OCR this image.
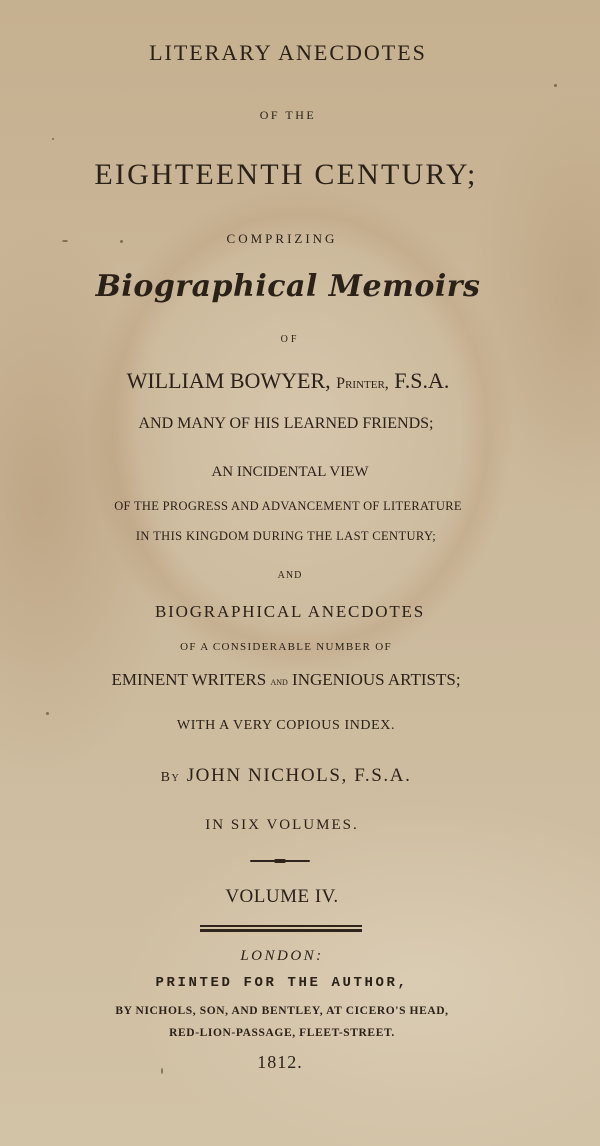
LITERARY ANECDOTES
OF THE
EIGHTEENTH CENTURY;
COMPRIZING
Biographical Memoirs
OF
WILLIAM BOWYER, Printer, F.S.A.
AND MANY OF HIS LEARNED FRIENDS;
AN INCIDENTAL VIEW
OF THE PROGRESS AND ADVANCEMENT OF LITERATURE
IN THIS KINGDOM DURING THE LAST CENTURY;
AND
BIOGRAPHICAL ANECDOTES
OF A CONSIDERABLE NUMBER OF
EMINENT WRITERS and INGENIOUS ARTISTS;
WITH A VERY COPIOUS INDEX.
By JOHN NICHOLS, F.S.A.
IN SIX VOLUMES.
VOLUME IV.
LONDON:
PRINTED FOR THE AUTHOR,
BY NICHOLS, SON, AND BENTLEY, AT CICERO'S HEAD,
RED-LION-PASSAGE, FLEET-STREET.
1812.
